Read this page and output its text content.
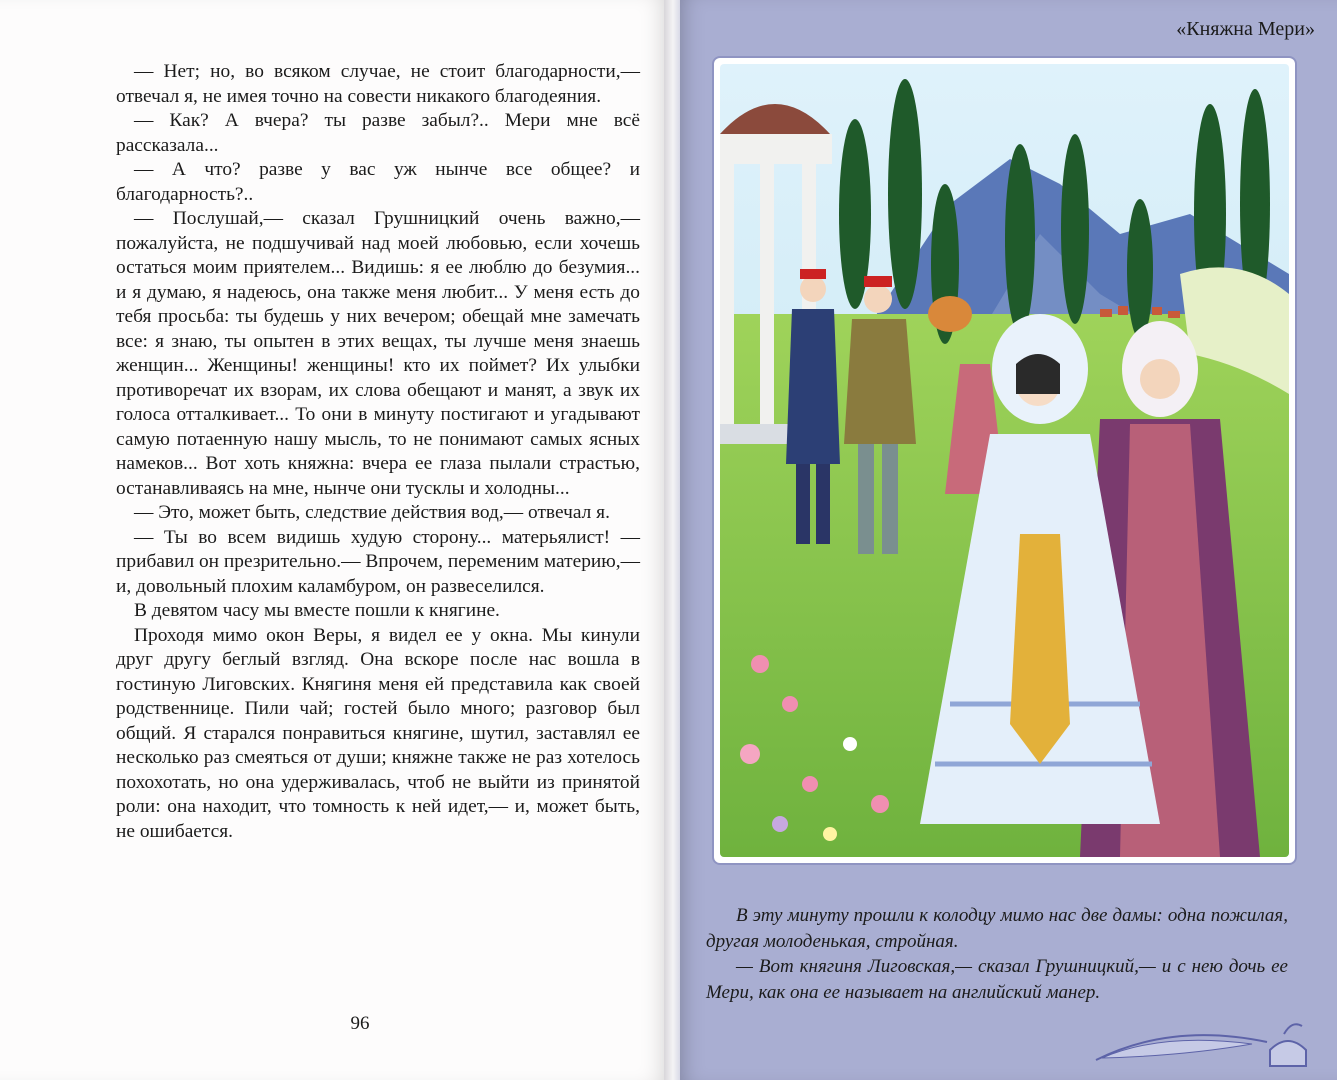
— Нет; но, во всяком случае, не стоит благодарности,— отвечал я, не имея точно на совести никакого благодеяния.

— Как? А вчера? ты разве забыл?.. Мери мне всё рассказала...

— А что? разве у вас уж нынче все общее? и благодарность?..

— Послушай,— сказал Грушницкий очень важно,— пожалуйста, не подшучивай над моей любовью, если хочешь остаться моим приятелем... Видишь: я ее люблю до безумия... и я думаю, я надеюсь, она также меня любит... У меня есть до тебя просьба: ты будешь у них вечером; обещай мне замечать все: я знаю, ты опытен в этих вещах, ты лучше меня знаешь женщин... Женщины! женщины! кто их поймет? Их улыбки противоречат их взорам, их слова обещают и манят, а звук их голоса отталкивает... То они в минуту постигают и угадывают самую потаенную нашу мысль, то не понимают самых ясных намеков... Вот хоть княжна: вчера ее глаза пылали страстью, останавливаясь на мне, нынче они тусклы и холодны...

— Это, может быть, следствие действия вод,— отвечал я.

— Ты во всем видишь худую сторону... матерьялист! — прибавил он презрительно.— Впрочем, переменим материю,— и, довольный плохим каламбуром, он развеселился.

В девятом часу мы вместе пошли к княгине.

Проходя мимо окон Веры, я видел ее у окна. Мы кинули друг другу беглый взгляд. Она вскоре после нас вошла в гостиную Лиговских. Княгиня меня ей представила как своей родственнице. Пили чай; гостей было много; разговор был общий. Я старался понравиться княгине, шутил, заставлял ее несколько раз смеяться от души; княжне также не раз хотелось похохотать, но она удерживалась, чтоб не выйти из принятой роли: она находит, что томность к ней идет,— и, может быть, не ошибается.

96
«Княжна Мери»

В эту минуту прошли к колодцу мимо нас две дамы: одна пожилая, другая молоденькая, стройная.

— Вот княгиня Лиговская,— сказал Грушницкий,— и с нею дочь ее Мери, как она ее называет на английский манер.
